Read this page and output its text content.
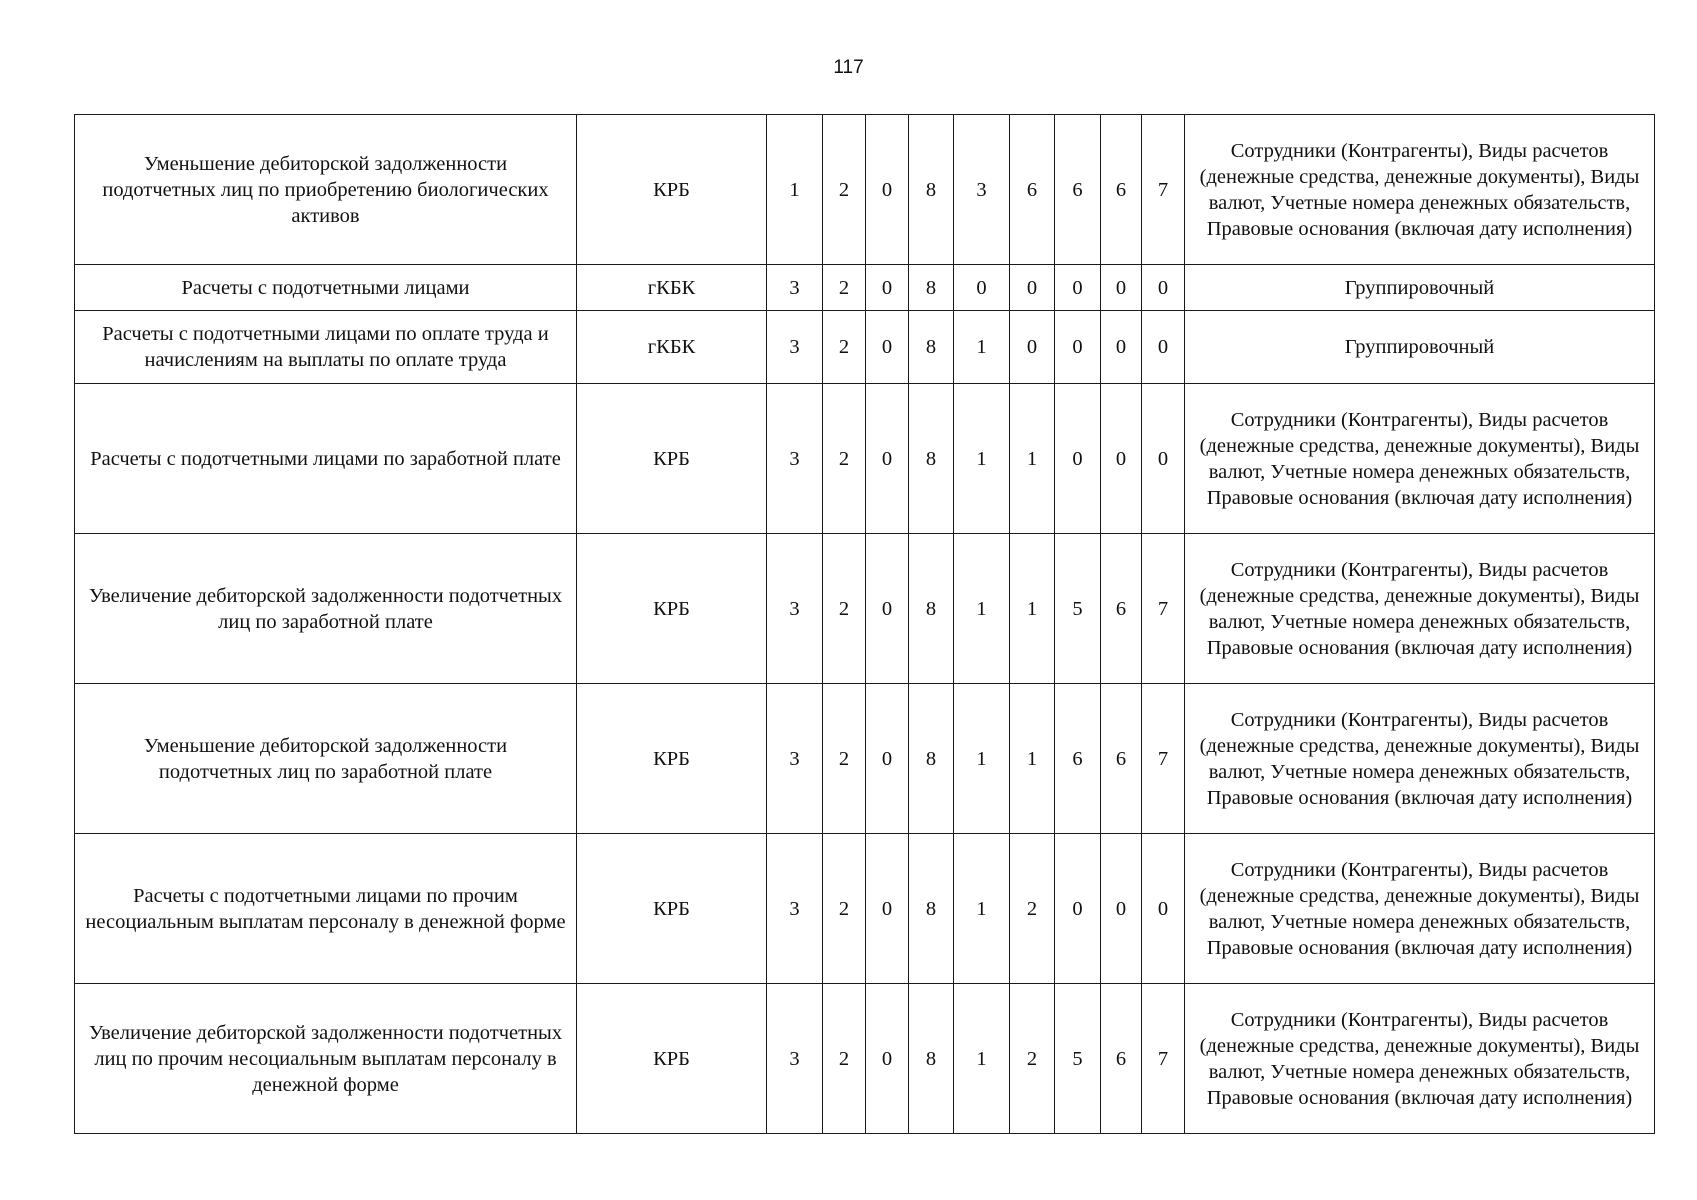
117
Уменьшение дебиторской задолженности подотчетных лиц по приобретению биологических активов	КРБ	1	2	0	8	3	6	6	6	7	Сотрудники (Контрагенты), Виды расчетов (денежные средства, денежные документы), Виды валют, Учетные номера денежных обязательств, Правовые основания (включая дату исполнения)
Расчеты с подотчетными лицами	гКБК	3	2	0	8	0	0	0	0	0	Группировочный
Расчеты с подотчетными лицами по оплате труда и начислениям на выплаты по оплате труда	гКБК	3	2	0	8	1	0	0	0	0	Группировочный
Расчеты с подотчетными лицами по заработной плате	КРБ	3	2	0	8	1	1	0	0	0	Сотрудники (Контрагенты), Виды расчетов (денежные средства, денежные документы), Виды валют, Учетные номера денежных обязательств, Правовые основания (включая дату исполнения)
Увеличение дебиторской задолженности подотчетных лиц по заработной плате	КРБ	3	2	0	8	1	1	5	6	7	Сотрудники (Контрагенты), Виды расчетов (денежные средства, денежные документы), Виды валют, Учетные номера денежных обязательств, Правовые основания (включая дату исполнения)
Уменьшение дебиторской задолженности подотчетных лиц по заработной плате	КРБ	3	2	0	8	1	1	6	6	7	Сотрудники (Контрагенты), Виды расчетов (денежные средства, денежные документы), Виды валют, Учетные номера денежных обязательств, Правовые основания (включая дату исполнения)
Расчеты с подотчетными лицами по прочим несоциальным выплатам персоналу в денежной форме	КРБ	3	2	0	8	1	2	0	0	0	Сотрудники (Контрагенты), Виды расчетов (денежные средства, денежные документы), Виды валют, Учетные номера денежных обязательств, Правовые основания (включая дату исполнения)
Увеличение дебиторской задолженности подотчетных лиц по прочим несоциальным выплатам персоналу в денежной форме	КРБ	3	2	0	8	1	2	5	6	7	Сотрудники (Контрагенты), Виды расчетов (денежные средства, денежные документы), Виды валют, Учетные номера денежных обязательств, Правовые основания (включая дату исполнения)
